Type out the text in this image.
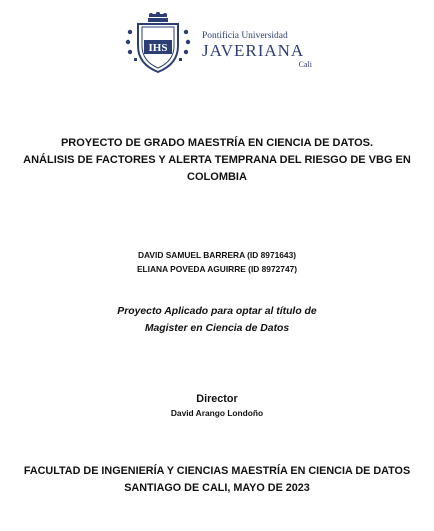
IHS
Pontificia Universidad
JAVERIANA
Cali
PROYECTO DE GRADO MAESTRÍA EN CIENCIA DE DATOS.
ANÁLISIS DE FACTORES Y ALERTA TEMPRANA DEL RIESGO DE VBG EN
COLOMBIA
DAVID SAMUEL BARRERA (ID 8971643)
ELIANA POVEDA AGUIRRE (ID 8972747)
Proyecto Aplicado para optar al título de
Magister en Ciencia de Datos
Director
David Arango Londoño
FACULTAD DE INGENIERÍA Y CIENCIAS MAESTRÍA EN CIENCIA DE DATOS
SANTIAGO DE CALI, MAYO DE 2023
